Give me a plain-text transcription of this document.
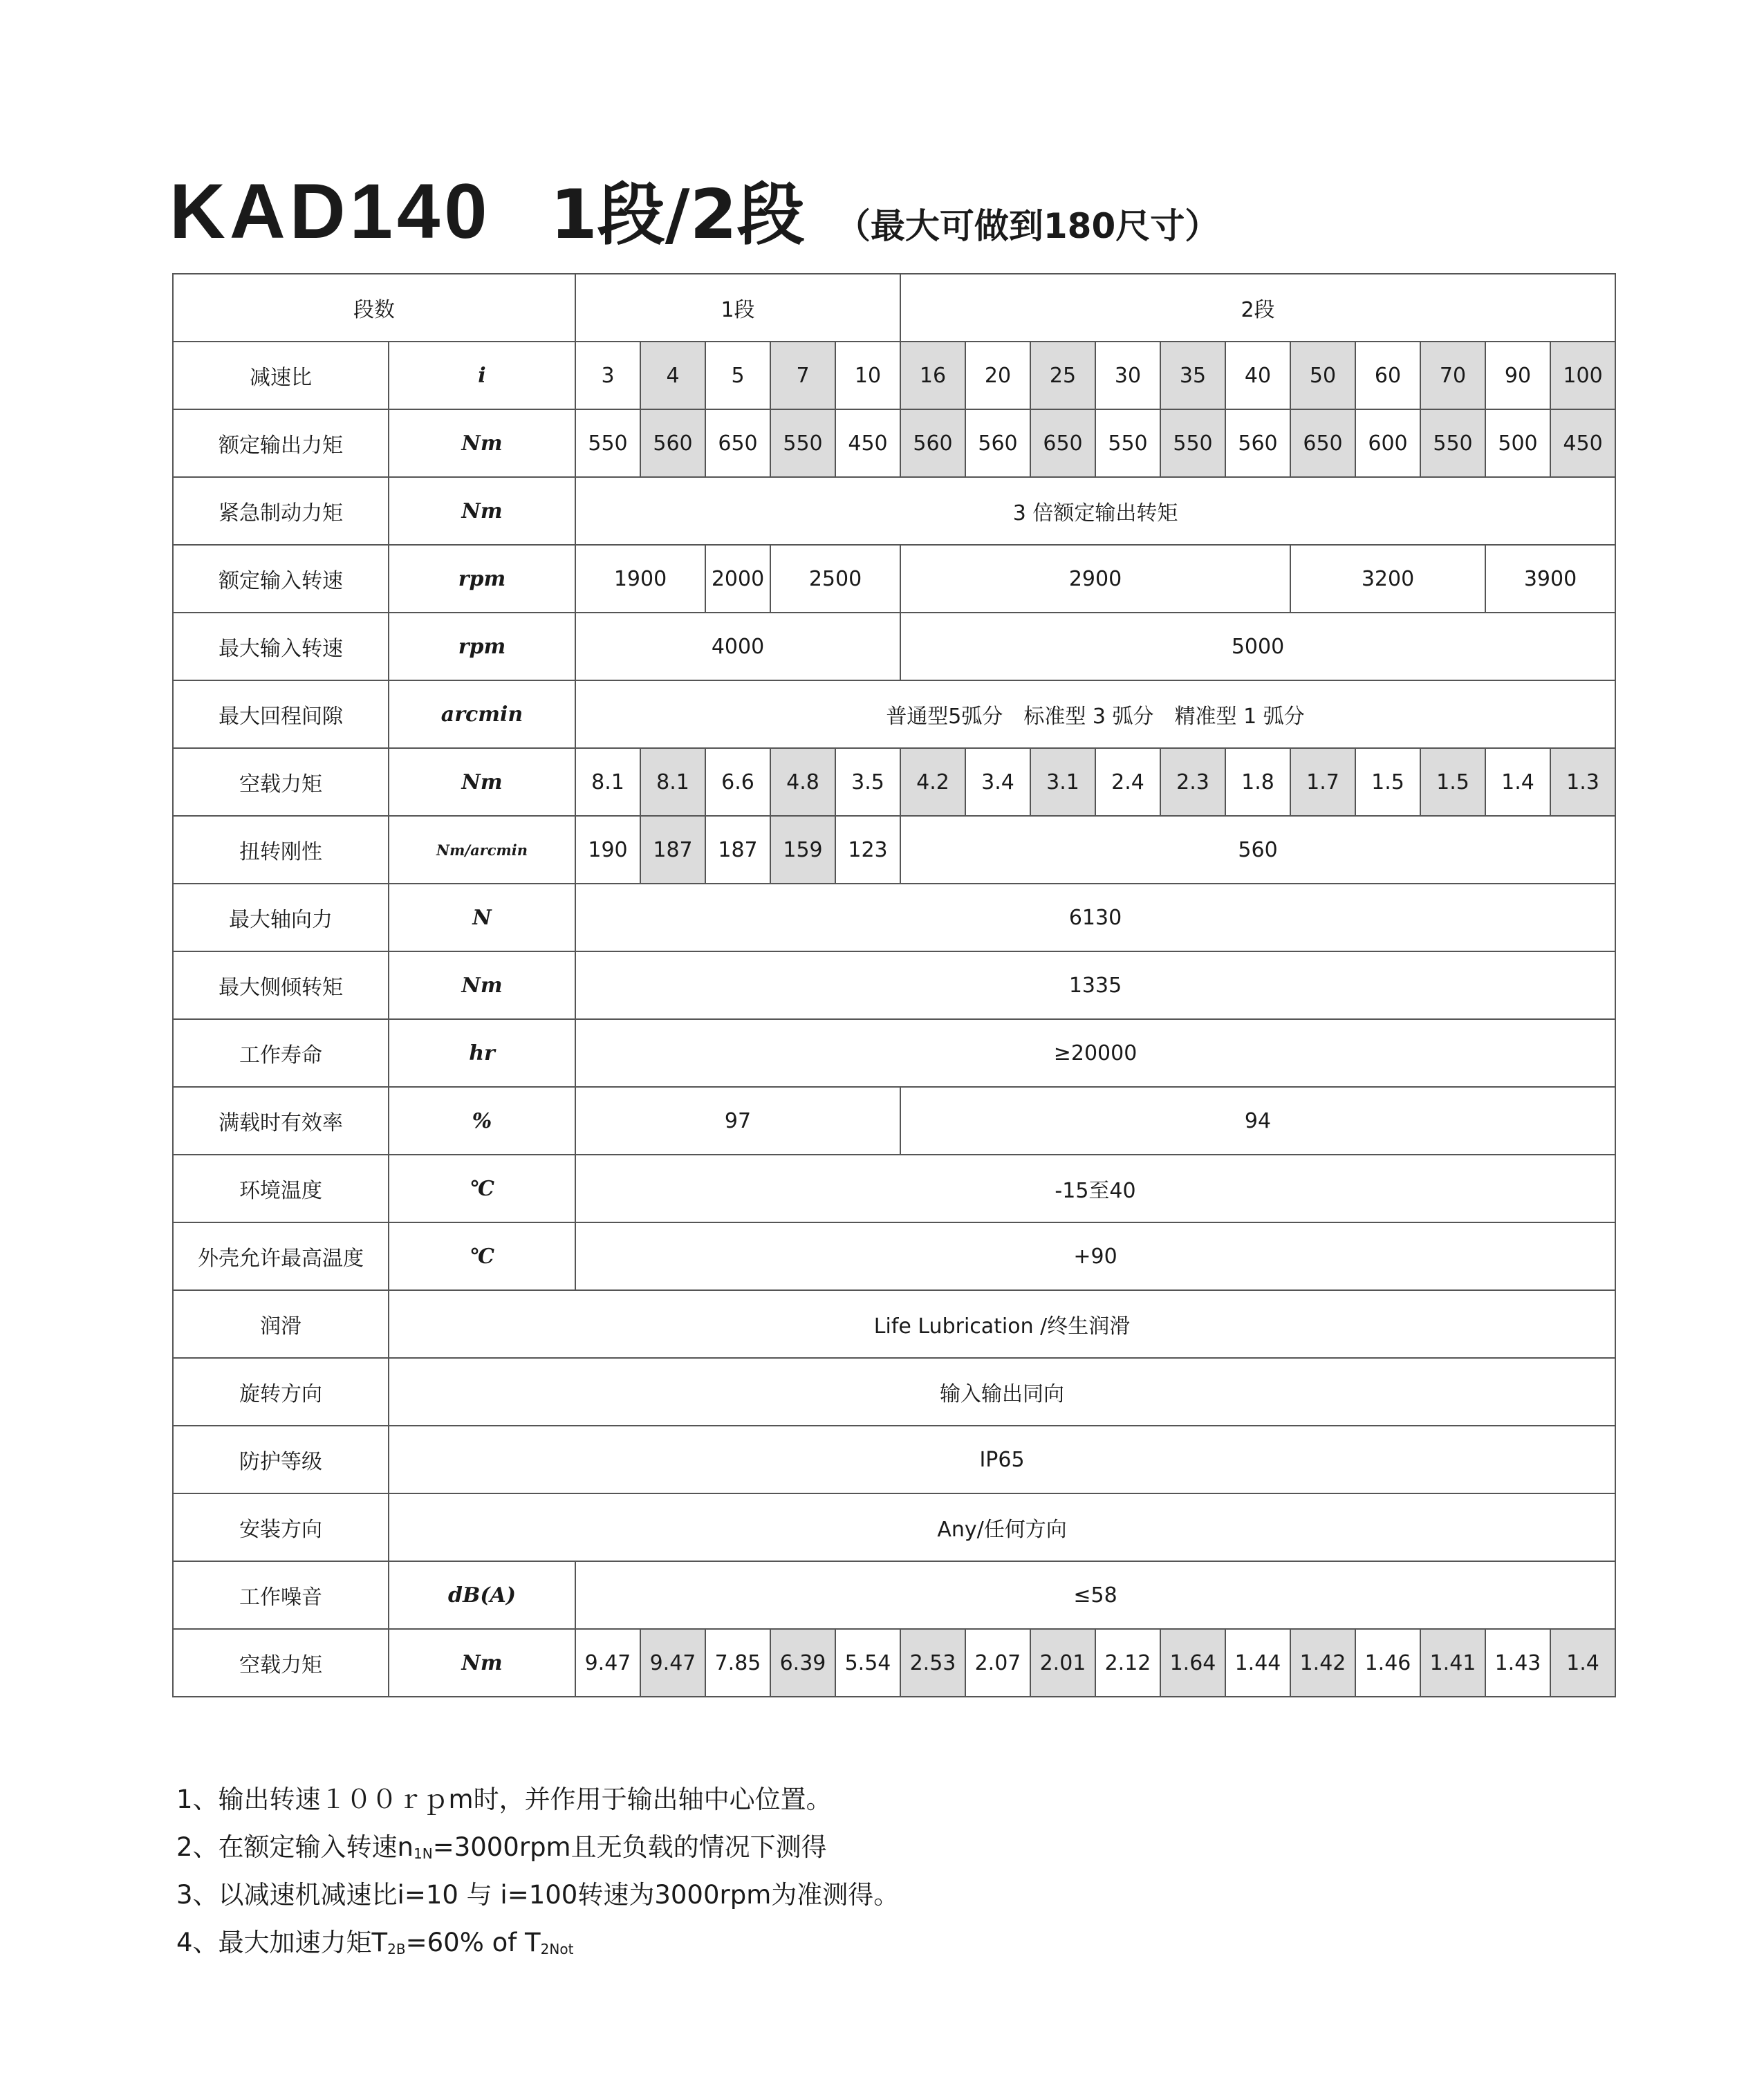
KAD140 1段/2段 （最大可做到180尺寸）
段数		1段					2段										
减速比	i	3	4	5	7	10	16	20	25	30	35	40	50	60	70	90	100
额定输出力矩	Nm	550	560	650	550	450	560	560	650	550	550	560	650	600	550	500	450
紧急制动力矩	Nm	3 倍额定输出转矩															
额定输入转速	rpm	1900		2000	2500		2900						3200			3900	
最大输入转速	rpm	4000					5000										
最大回程间隙	arcmin	普通型5弧分　标准型 3 弧分　精准型 1 弧分															
空载力矩	Nm	8.1	8.1	6.6	4.8	3.5	4.2	3.4	3.1	2.4	2.3	1.8	1.7	1.5	1.5	1.4	1.3
扭转刚性	Nm/arcmin	190	187	187	159	123	560										
最大轴向力	N	6130															
最大侧倾转矩	Nm	1335															
工作寿命	hr	≥20000															
满载时有效率	%	97					94										
环境温度	℃	-15至40															
外壳允许最高温度	℃	+90															
润滑	Life Lubrication /终生润滑																
旋转方向	输入输出同向																
防护等级	IP65																
安装方向	Any/任何方向																
工作噪音	dB(A)	≤58															
空载力矩	Nm	9.47	9.47	7.85	6.39	5.54	2.53	2.07	2.01	2.12	1.64	1.44	1.42	1.46	1.41	1.43	1.4
1、输出转速１００ｒｐm时，并作用于输出轴中心位置。
2、在额定输入转速$n_{1N}=3000rpm$且无负载的情况下测得
3、以减速机减速比i=10 与 i=100转速为3000rpm为准测得。
4、最大加速力矩$T_{2B}=60\%$ of $T_{2Not}$
